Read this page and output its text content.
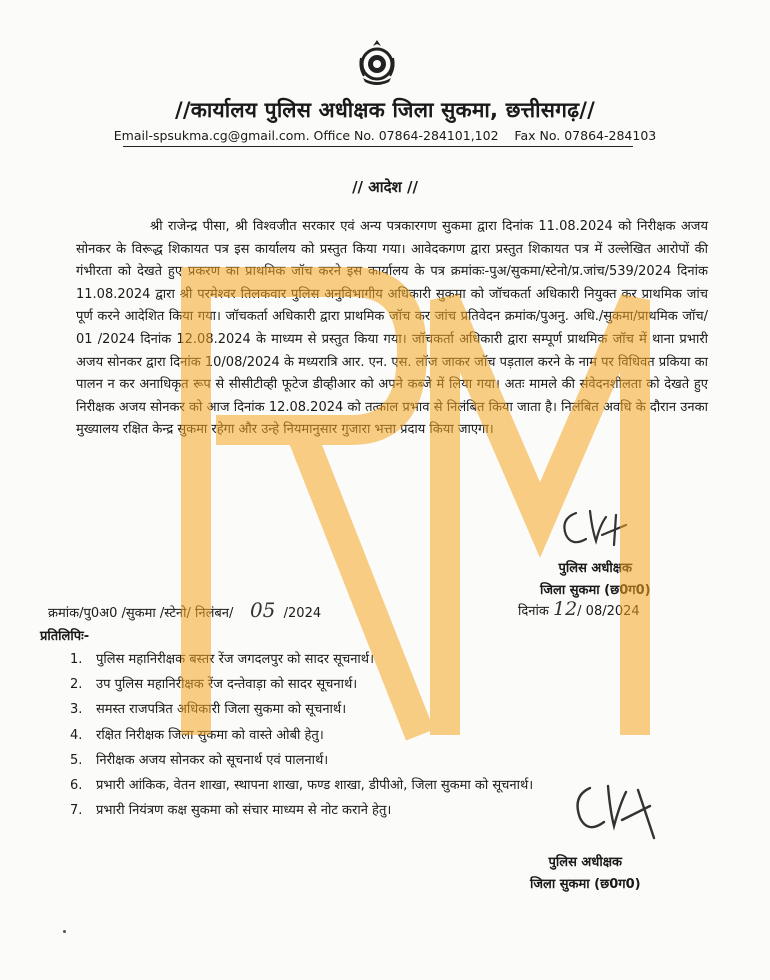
//कार्यालय पुलिस अधीक्षक जिला सुकमा, छत्तीसगढ़//
Email-spsukma.cg@gmail.com. Office No. 07864-284101,102    Fax No. 07864-284103
// आदेश //

श्री राजेन्द्र पीसा, श्री विश्वजीत सरकार एवं अन्य पत्रकारगण सुकमा द्वारा दिनांक 11.08.2024 को निरीक्षक अजय सोनकर के विरूद्ध शिकायत पत्र इस कार्यालय को प्रस्तुत किया गया। आवेदकगण द्वारा प्रस्तुत शिकायत पत्र में उल्लेखित आरोपों की गंभीरता को देखते हुए प्रकरण का प्राथमिक जॉच करने इस कार्यालय के पत्र क्रमांकः-पुअ/सुकमा/स्टेनो/प्र.जांच/539/2024 दिनांक 11.08.2024 द्वारा श्री परमेश्वर तिलकवार पुलिस अनुविभागीय अधिकारी सुकमा को जॉचकर्ता अधिकारी नियुक्त कर प्राथमिक जांच पूर्ण करने आदेशित किया गया। जॉचकर्ता अधिकारी द्वारा प्राथमिक जॉच कर जांच प्रतिवेदन क्रमांक/पुअनु. अधि./सुकमा/प्राथमिक जॉच/ 01 /2024 दिनांक 12.08.2024 के माध्यम से प्रस्तुत किया गया। जॉचकर्ता अधिकारी द्वारा सम्पूर्ण प्राथमिक जॉच में थाना प्रभारी अजय सोनकर द्वारा दिनांक 10/08/2024 के मध्यरात्रि आर. एन. एस. लॉज जाकर जॉच पड़ताल करने के नाम पर विधिवत प्रकिया का पालन न कर अनाधिकृत रूप से सीसीटीव्ही फूटेज डीव्हीआर को अपने कब्जे में लिया गया। अतः मामले की संवेदनशीलता को देखते हुए निरीक्षक अजय सोनकर को आज दिनांक 12.08.2024 को तत्काल प्रभाव से निलंबित किया जाता है। निलंबित अवधि के दौरान उनका मुख्यालय रक्षित केन्द्र सुकमा रहेगा और उन्हे नियमानुसार गुजारा भत्ता प्रदाय किया जाएगा।

पुलिस अधीक्षक
जिला सुकमा (छ0ग0)
क्रमांक/पु0अ0 /सुकमा /स्टेनो/ निलंबन/ 05 /2024	दिनांक 12/ 08/2024
प्रतिलिपिः-
1. पुलिस महानिरीक्षक बस्तर रेंज जगदलपुर को सादर सूचनार्थ।
2. उप पुलिस महानिरीक्षक रेंज दन्तेवाड़ा को सादर सूचनार्थ।
3. समस्त राजपत्रित अधिकारी जिला सुकमा को सूचनार्थ।
4. रक्षित निरीक्षक जिला सुकमा को वास्ते ओबी हेतु।
5. निरीक्षक अजय सोनकर को सूचनार्थ एवं पालनार्थ।
6. प्रभारी आंकिक, वेतन शाखा, स्थापना शाखा, फण्ड शाखा, डीपीओ, जिला सुकमा को सूचनार्थ।
7. प्रभारी नियंत्रण कक्ष सुकमा को संचार माध्यम से नोट कराने हेतु।
पुलिस अधीक्षक
जिला सुकमा (छ0ग0)
